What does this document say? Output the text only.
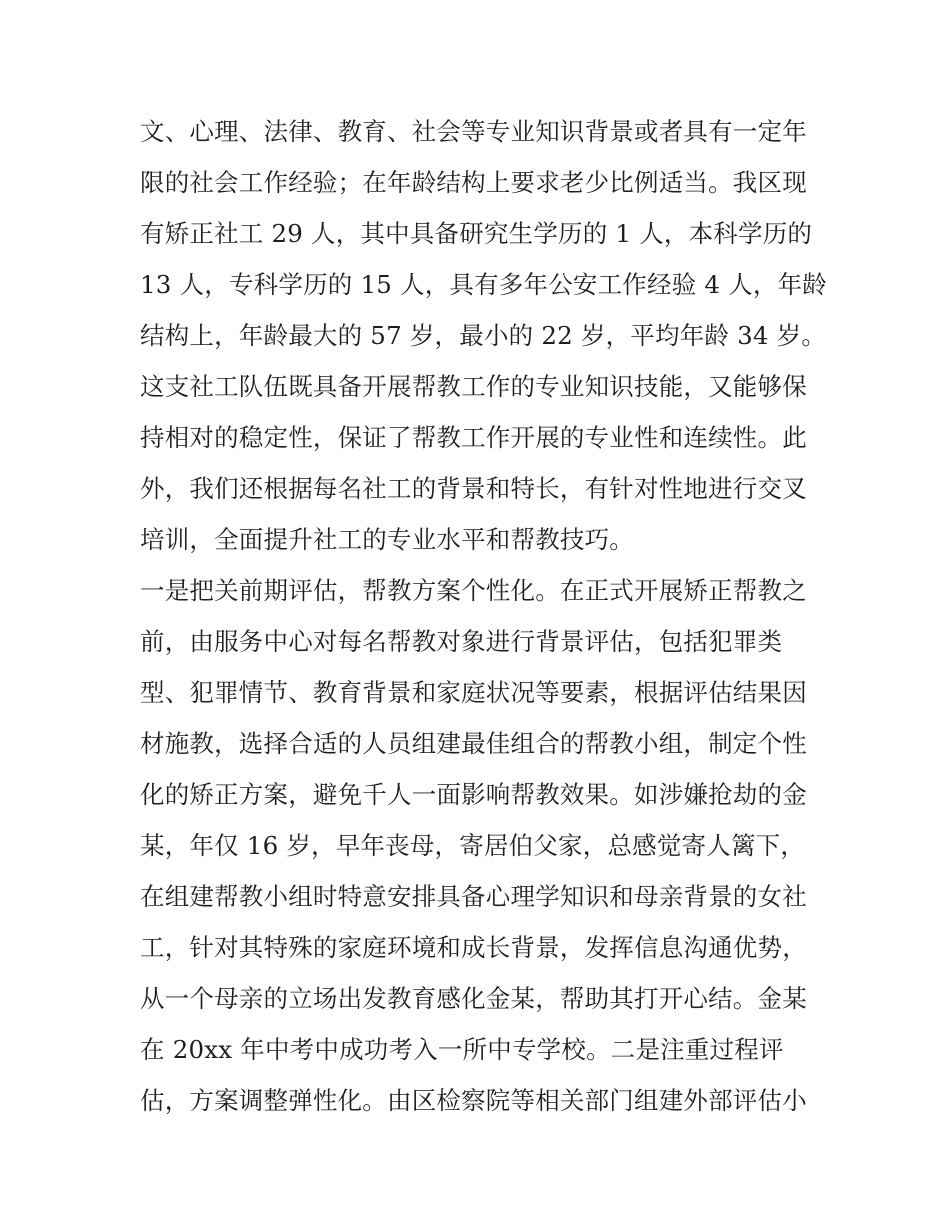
文、心理、法律、教育、社会等专业知识背景或者具有一定年
限的社会工作经验；在年龄结构上要求老少比例适当。我区现
有矫正社工 29 人，其中具备研究生学历的 1 人，本科学历的
13 人，专科学历的 15 人，具有多年公安工作经验 4 人，年龄
结构上，年龄最大的 57 岁，最小的 22 岁，平均年龄 34 岁。
这支社工队伍既具备开展帮教工作的专业知识技能，又能够保
持相对的稳定性，保证了帮教工作开展的专业性和连续性。此
外，我们还根据每名社工的背景和特长，有针对性地进行交叉
培训，全面提升社工的专业水平和帮教技巧。
一是把关前期评估，帮教方案个性化。在正式开展矫正帮教之
前，由服务中心对每名帮教对象进行背景评估，包括犯罪类
型、犯罪情节、教育背景和家庭状况等要素，根据评估结果因
材施教，选择合适的人员组建最佳组合的帮教小组，制定个性
化的矫正方案，避免千人一面影响帮教效果。如涉嫌抢劫的金
某，年仅 16 岁，早年丧母，寄居伯父家，总感觉寄人篱下，
在组建帮教小组时特意安排具备心理学知识和母亲背景的女社
工，针对其特殊的家庭环境和成长背景，发挥信息沟通优势，
从一个母亲的立场出发教育感化金某，帮助其打开心结。金某
在 20xx 年中考中成功考入一所中专学校。二是注重过程评
估，方案调整弹性化。由区检察院等相关部门组建外部评估小
